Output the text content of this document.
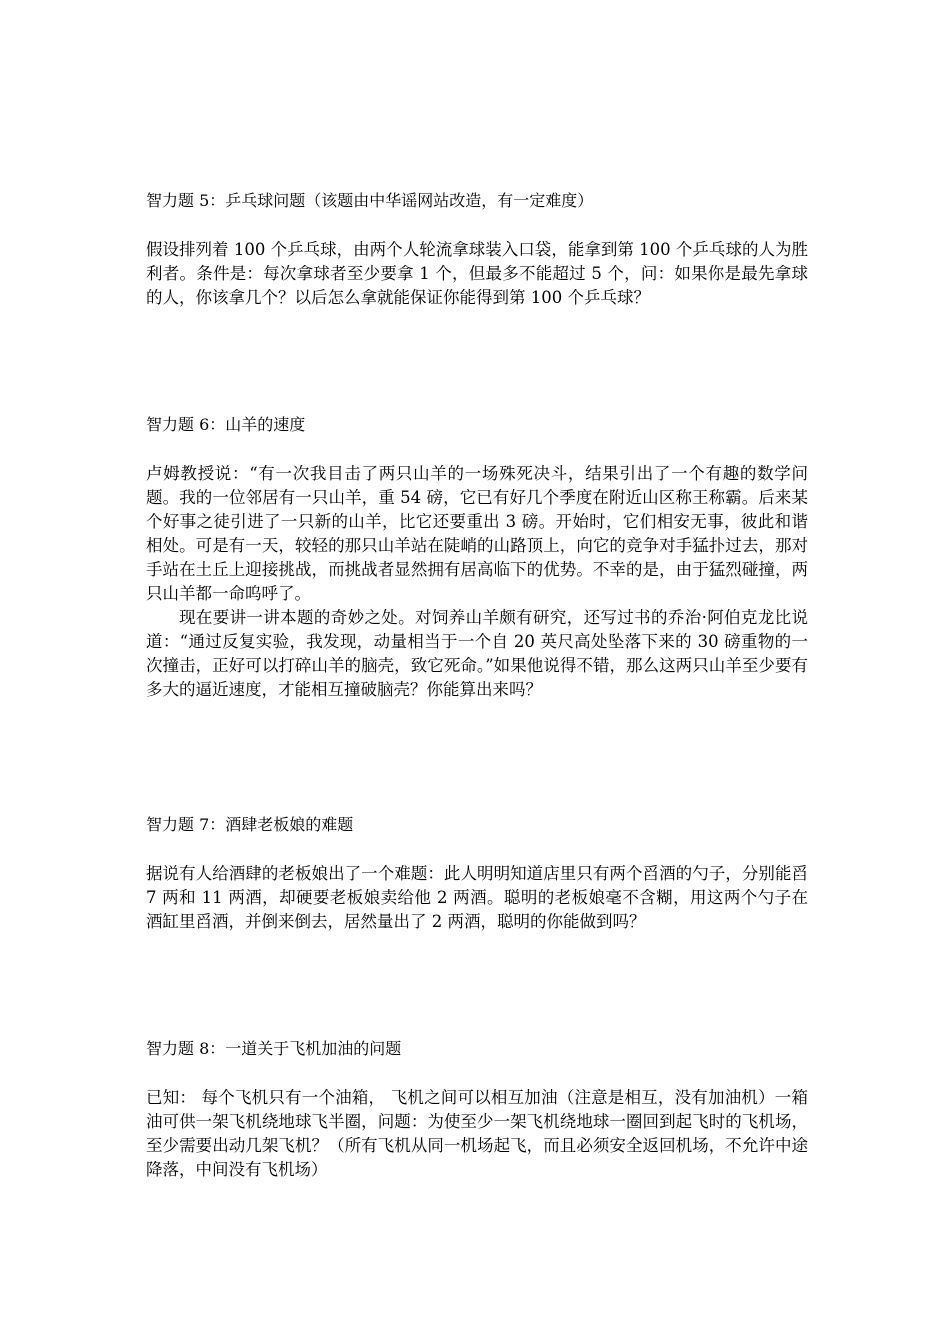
智力题 5：乒乓球问题（该题由中华谣网站改造，有一定难度）

假设排列着 100 个乒乓球，由两个人轮流拿球装入口袋，能拿到第 100 个乒乓球的人为胜利者。条件是：每次拿球者至少要拿 1 个，但最多不能超过 5 个，问：如果你是最先拿球的人，你该拿几个？以后怎么拿就能保证你能得到第 100 个乒乓球？

智力题 6：山羊的速度

卢姆教授说：“有一次我目击了两只山羊的一场殊死决斗，结果引出了一个有趣的数学问题。我的一位邻居有一只山羊，重 54 磅，它已有好几个季度在附近山区称王称霸。后来某个好事之徒引进了一只新的山羊，比它还要重出 3 磅。开始时，它们相安无事，彼此和谐相处。可是有一天，较轻的那只山羊站在陡峭的山路顶上，向它的竞争对手猛扑过去，那对手站在土丘上迎接挑战，而挑战者显然拥有居高临下的优势。不幸的是，由于猛烈碰撞，两只山羊都一命呜呼了。

现在要讲一讲本题的奇妙之处。对饲养山羊颇有研究，还写过书的乔治·阿伯克龙比说道：“通过反复实验，我发现，动量相当于一个自 20 英尺高处坠落下来的 30 磅重物的一次撞击，正好可以打碎山羊的脑壳，致它死命。”如果他说得不错，那么这两只山羊至少要有多大的逼近速度，才能相互撞破脑壳？你能算出来吗？

智力题 7：酒肆老板娘的难题

据说有人给酒肆的老板娘出了一个难题：此人明明知道店里只有两个舀酒的勺子，分别能舀 7 两和 11 两酒，却硬要老板娘卖给他 2 两酒。聪明的老板娘毫不含糊，用这两个勺子在酒缸里舀酒，并倒来倒去，居然量出了 2 两酒，聪明的你能做到吗？

智力题 8：一道关于飞机加油的问题

已知： 每个飞机只有一个油箱， 飞机之间可以相互加油（注意是相互，没有加油机）一箱油可供一架飞机绕地球飞半圈，问题：为使至少一架飞机绕地球一圈回到起飞时的飞机场，至少需要出动几架飞机？（所有飞机从同一机场起飞，而且必须安全返回机场，不允许中途降落，中间没有飞机场）
